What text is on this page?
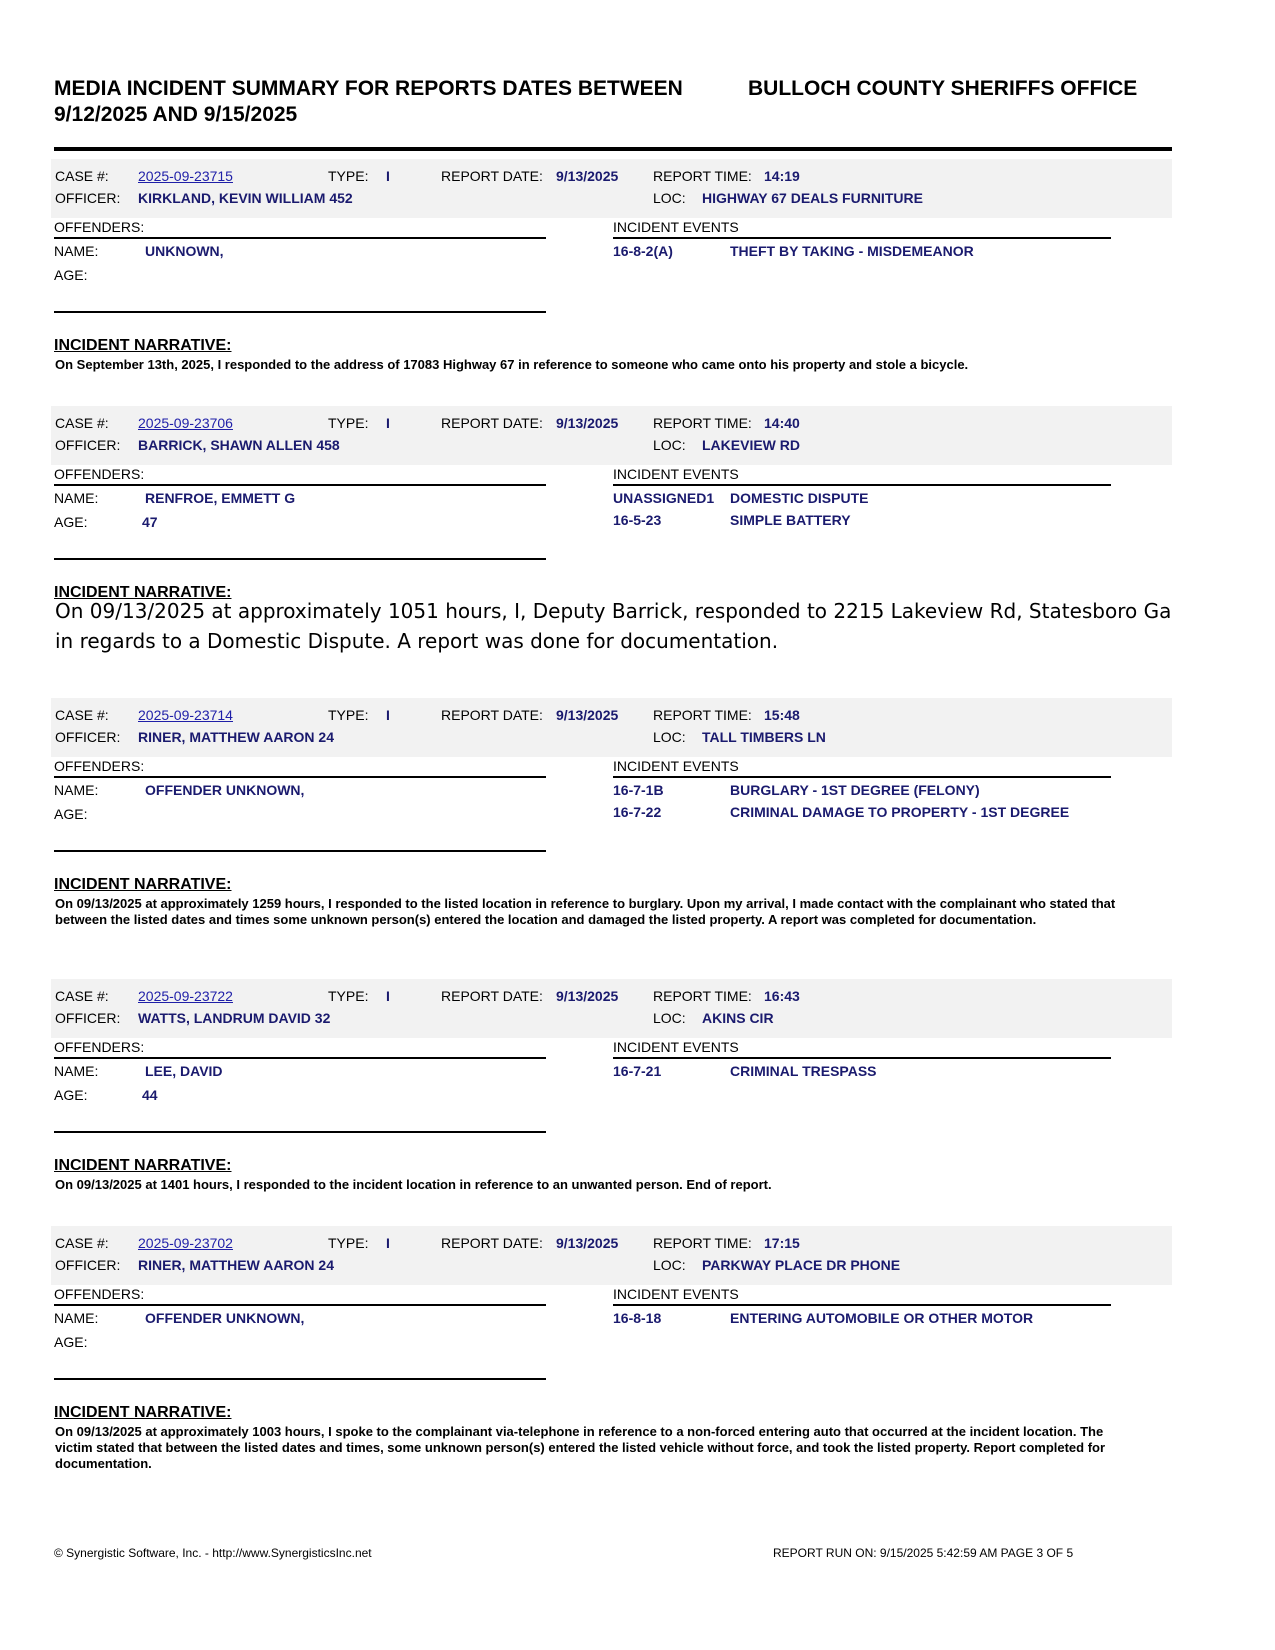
MEDIA INCIDENT SUMMARY FOR REPORTS DATES BETWEEN 9/12/2025 AND 9/15/2025
BULLOCH COUNTY SHERIFFS OFFICE
CASE #: 2025-09-23715	TYPE: I	REPORT DATE: 9/13/2025 REPORT TIME: 14:19
OFFICER: KIRKLAND, KEVIN WILLIAM 452	LOC: HIGHWAY 67 DEALS FURNITURE
OFFENDERS:
NAME:	UNKNOWN,
AGE:
INCIDENT EVENTS
16-8-2(A)	THEFT BY TAKING - MISDEMEANOR
INCIDENT NARRATIVE:
On September 13th, 2025, I responded to the address of 17083 Highway 67 in reference to someone who came onto his property and stole a bicycle.
CASE #: 2025-09-23706	TYPE: I	REPORT DATE: 9/13/2025 REPORT TIME: 14:40
OFFICER: BARRICK, SHAWN ALLEN 458	LOC: LAKEVIEW RD
OFFENDERS:
NAME:	RENFROE, EMMETT G
AGE:	47
INCIDENT EVENTS
UNASSIGNED1 DOMESTIC DISPUTE
16-5-23	SIMPLE BATTERY
INCIDENT NARRATIVE:
On 09/13/2025 at approximately 1051 hours, I, Deputy Barrick, responded to 2215 Lakeview Rd, Statesboro Ga in regards to a Domestic Dispute. A report was done for documentation.
CASE #: 2025-09-23714	TYPE: I	REPORT DATE: 9/13/2025 REPORT TIME: 15:48
OFFICER: RINER, MATTHEW AARON 24	LOC: TALL TIMBERS LN
OFFENDERS:
NAME:	OFFENDER UNKNOWN,
AGE:
INCIDENT EVENTS
16-7-1B	BURGLARY - 1ST DEGREE (FELONY)
16-7-22	CRIMINAL DAMAGE TO PROPERTY - 1ST DEGREE
INCIDENT NARRATIVE:
On 09/13/2025 at approximately 1259 hours, I responded to the listed location in reference to burglary. Upon my arrival, I made contact with the complainant who stated that between the listed dates and times some unknown person(s) entered the location and damaged the listed property. A report was completed for documentation.
CASE #: 2025-09-23722	TYPE: I	REPORT DATE: 9/13/2025 REPORT TIME: 16:43
OFFICER: WATTS, LANDRUM DAVID 32	LOC: AKINS CIR
OFFENDERS:
NAME:	LEE, DAVID
AGE:	44
INCIDENT EVENTS
16-7-21	CRIMINAL TRESPASS
INCIDENT NARRATIVE:
On 09/13/2025 at 1401 hours, I responded to the incident location in reference to an unwanted person. End of report.
CASE #: 2025-09-23702	TYPE: I	REPORT DATE: 9/13/2025 REPORT TIME: 17:15
OFFICER: RINER, MATTHEW AARON 24	LOC: PARKWAY PLACE DR PHONE
OFFENDERS:
NAME:	OFFENDER UNKNOWN,
AGE:
INCIDENT EVENTS
16-8-18	ENTERING AUTOMOBILE OR OTHER MOTOR
INCIDENT NARRATIVE:
On 09/13/2025 at approximately 1003 hours, I spoke to the complainant via-telephone in reference to a non-forced entering auto that occurred at the incident location. The victim stated that between the listed dates and times, some unknown person(s) entered the listed vehicle without force, and took the listed property. Report completed for documentation.
© Synergistic Software, Inc. - http://www.SynergisticsInc.net	REPORT RUN ON: 9/15/2025 5:42:59 AM PAGE 3 OF 5
